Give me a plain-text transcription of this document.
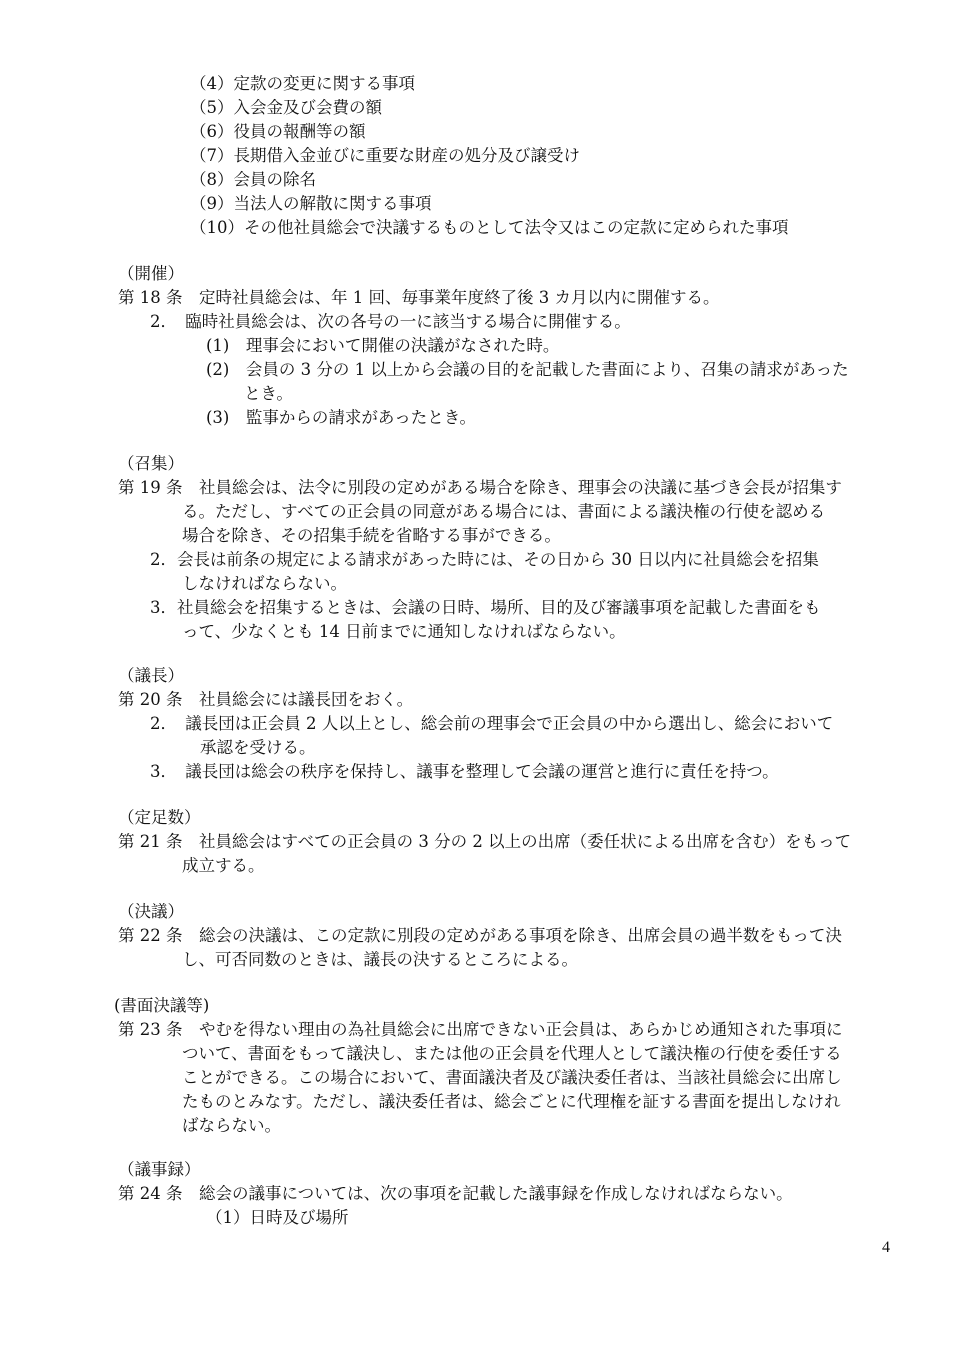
（4）定款の変更に関する事項
（5）入会金及び会費の額
（6）役員の報酬等の額
（7）長期借入金並びに重要な財産の処分及び譲受け
（8）会員の除名
（9）当法人の解散に関する事項
（10）その他社員総会で決議するものとして法令又はこの定款に定められた事項
（開催）
第 18 条　定時社員総会は、年 1 回、毎事業年度終了後 3 カ月以内に開催する。
2．　臨時社員総会は、次の各号の一に該当する場合に開催する。
(1)　理事会において開催の決議がなされた時。
(2)　会員の 3 分の 1 以上から会議の目的を記載した書面により、召集の請求があった
とき。
(3)　監事からの請求があったとき。
（召集）
第 19 条　社員総会は、法令に別段の定めがある場合を除き、理事会の決議に基づき会長が招集す
る。ただし、すべての正会員の同意がある場合には、書面による議決権の行使を認める
場合を除き、その招集手続を省略する事ができる。
2．会長は前条の規定による請求があった時には、その日から 30 日以内に社員総会を招集
しなければならない。
3．社員総会を招集するときは、会議の日時、場所、目的及び審議事項を記載した書面をも
って、少なくとも 14 日前までに通知しなければならない。
（議長）
第 20 条　社員総会には議長団をおく。
2．　議長団は正会員 2 人以上とし、総会前の理事会で正会員の中から選出し、総会において
承認を受ける。
3．　議長団は総会の秩序を保持し、議事を整理して会議の運営と進行に責任を持つ。
（定足数）
第 21 条　社員総会はすべての正会員の 3 分の 2 以上の出席（委任状による出席を含む）をもって
成立する。
（決議）
第 22 条　総会の決議は、この定款に別段の定めがある事項を除き、出席会員の過半数をもって決
し、可否同数のときは、議長の決するところによる。
(書面決議等)
第 23 条　やむを得ない理由の為社員総会に出席できない正会員は、あらかじめ通知された事項に
ついて、書面をもって議決し、または他の正会員を代理人として議決権の行使を委任する
ことができる。この場合において、書面議決者及び議決委任者は、当該社員総会に出席し
たものとみなす。ただし、議決委任者は、総会ごとに代理権を証する書面を提出しなけれ
ばならない。
（議事録）
第 24 条　総会の議事については、次の事項を記載した議事録を作成しなければならない。
（1）日時及び場所
4
